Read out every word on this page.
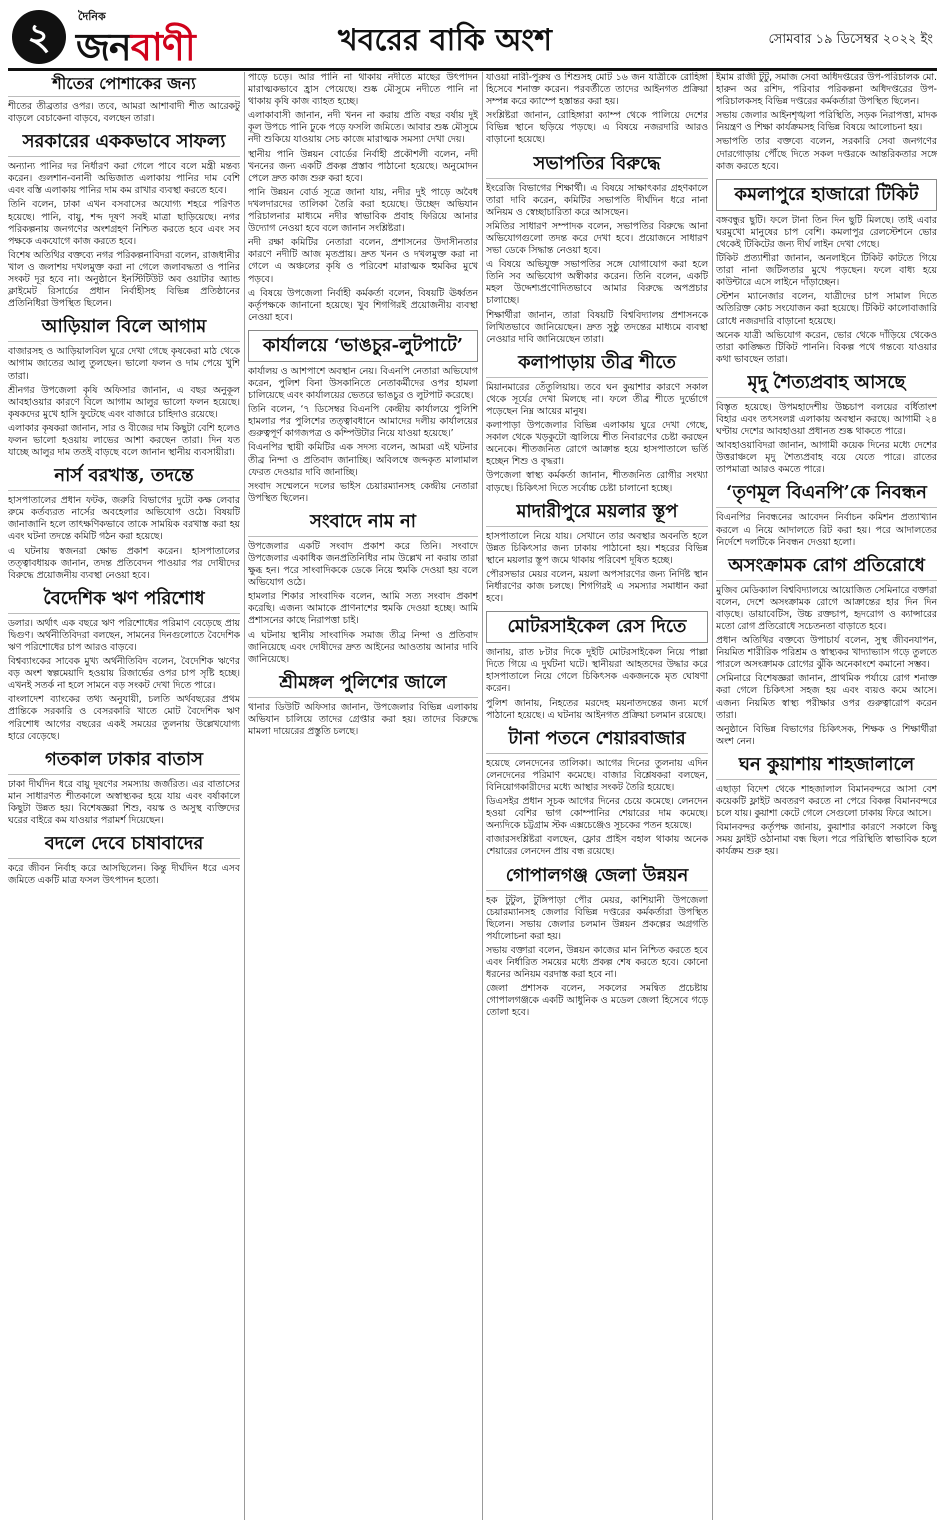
২	দৈনিক
জনবাণী	খবরের বাকি অংশ	সোমবার ১৯ ডিসেম্বর ২০২২ ইং
শীতের পোশাকের জন্য

শীতের তীব্রতার ওপর। তবে, আমরা আশাবাদী শীত আরেকটু বাড়লে বেচাকেনা বাড়বে, বলছেন তারা।

সরকারের এককভাবে সাফল্য

অন্যান্য পানির দর নির্ধারণ করা গেলে পাবে বলে মন্ত্রী মন্তব্য করেন। গুলশান-বনানী অভিজাত এলাকায় পানির দাম বেশি এবং বস্তি এলাকায় পানির দাম কম রাখার ব্যবস্থা করতে হবে।

তিনি বলেন, ঢাকা এখন বসবাসের অযোগ্য শহরে পরিণত হয়েছে। পানি, বায়ু, শব্দ দূষণ সবই মাত্রা ছাড়িয়েছে। নগর পরিকল্পনায় জনগণের অংশগ্রহণ নিশ্চিত করতে হবে এবং সব পক্ষকে একযোগে কাজ করতে হবে।

বিশেষ অতিথির বক্তব্যে নগর পরিকল্পনাবিদরা বলেন, রাজধানীর খাল ও জলাশয় দখলমুক্ত করা না গেলে জলাবদ্ধতা ও পানির সংকট দূর হবে না। অনুষ্ঠানে ইনস্টিটিউট অব ওয়াটার অ্যান্ড ক্লাইমেট রিসার্চের প্রধান নির্বাহীসহ বিভিন্ন প্রতিষ্ঠানের প্রতিনিধিরা উপস্থিত ছিলেন।

আড়িয়াল বিলে আগাম

বাজারসহ ও আড়িয়ালবিল ঘুরে দেখা গেছে কৃষকেরা মাঠ থেকে আগাম জাতের আলু তুলছেন। ভালো ফলন ও দাম পেয়ে খুশি তারা।

শ্রীনগর উপজেলা কৃষি অফিসার জানান, এ বছর অনুকূল আবহাওয়ার কারণে বিলে আগাম আলুর ভালো ফলন হয়েছে। কৃষকদের মুখে হাসি ফুটেছে এবং বাজারে চাহিদাও রয়েছে।

এলাকার কৃষকরা জানান, সার ও বীজের দাম কিছুটা বেশি হলেও ফলন ভালো হওয়ায় লাভের আশা করছেন তারা। দিন যত যাচ্ছে আলুর দাম ততই বাড়ছে বলে জানান স্থানীয় ব্যবসায়ীরা।

নার্স বরখাস্ত, তদন্তে

হাসপাতালের প্রধান ফটক, জরুরি বিভাগের দুটো কক্ষ লেবার রুমে কর্তব্যরত নার্সের অবহেলার অভিযোগ ওঠে। বিষয়টি জানাজানি হলে তাৎক্ষণিকভাবে তাকে সাময়িক বরখাস্ত করা হয় এবং ঘটনা তদন্তে কমিটি গঠন করা হয়েছে।

এ ঘটনায় স্বজনরা ক্ষোভ প্রকাশ করেন। হাসপাতালের তত্ত্বাবধায়ক জানান, তদন্ত প্রতিবেদন পাওয়ার পর দোষীদের বিরুদ্ধে প্রয়োজনীয় ব্যবস্থা নেওয়া হবে।

বৈদেশিক ঋণ পরিশোধ

ডলার। অর্থাৎ এক বছরে ঋণ পরিশোধের পরিমাণ বেড়েছে প্রায় দ্বিগুণ। অর্থনীতিবিদরা বলছেন, সামনের দিনগুলোতে বৈদেশিক ঋণ পরিশোধের চাপ আরও বাড়বে।

বিশ্বব্যাংকের সাবেক মুখ্য অর্থনীতিবিদ বলেন, বৈদেশিক ঋণের বড় অংশ স্বল্পমেয়াদি হওয়ায় রিজার্ভের ওপর চাপ সৃষ্টি হচ্ছে। এখনই সতর্ক না হলে সামনে বড় সংকট দেখা দিতে পারে।

বাংলাদেশ ব্যাংকের তথ্য অনুযায়ী, চলতি অর্থবছরের প্রথম প্রান্তিকে সরকারি ও বেসরকারি খাতে মোট বৈদেশিক ঋণ পরিশোধ আগের বছরের একই সময়ের তুলনায় উল্লেখযোগ্য হারে বেড়েছে।

গতকাল ঢাকার বাতাস

ঢাকা দীর্ঘদিন ধরে বায়ু দূষণের সমস্যায় জর্জরিত। এর বাতাসের মান সাধারণত শীতকালে অস্বাস্থ্যকর হয়ে যায় এবং বর্ষাকালে কিছুটা উন্নত হয়। বিশেষজ্ঞরা শিশু, বয়স্ক ও অসুস্থ ব্যক্তিদের ঘরের বাইরে কম যাওয়ার পরামর্শ দিয়েছেন।

বদলে দেবে চাষাবাদের

করে জীবন নির্বাহ করে আসছিলেন। কিন্তু দীর্ঘদিন ধরে এসব জমিতে একটি মাত্র ফসল উৎপাদন হতো।

পাড়ে চড়ে। আর পানি না থাকায় নদীতে মাছের উৎপাদন মারাত্মকভাবে হ্রাস পেয়েছে। শুষ্ক মৌসুমে নদীতে পানি না থাকায় কৃষি কাজ ব্যাহত হচ্ছে।

এলাকাবাসী জানান, নদী খনন না করায় প্রতি বছর বর্ষায় দুই কূল উপচে পানি ঢুকে পড়ে ফসলি জমিতে। আবার শুষ্ক মৌসুমে নদী শুকিয়ে যাওয়ায় সেচ কাজে মারাত্মক সমস্যা দেখা দেয়।

স্থানীয় পানি উন্নয়ন বোর্ডের নির্বাহী প্রকৌশলী বলেন, নদী খননের জন্য একটি প্রকল্প প্রস্তাব পাঠানো হয়েছে। অনুমোদন পেলে দ্রুত কাজ শুরু করা হবে।

পানি উন্নয়ন বোর্ড সূত্রে জানা যায়, নদীর দুই পাড়ে অবৈধ দখলদারদের তালিকা তৈরি করা হয়েছে। উচ্ছেদ অভিযান পরিচালনার মাধ্যমে নদীর স্বাভাবিক প্রবাহ ফিরিয়ে আনার উদ্যোগ নেওয়া হবে বলে জানান সংশ্লিষ্টরা।

নদী রক্ষা কমিটির নেতারা বলেন, প্রশাসনের উদাসীনতার কারণে নদীটি আজ মৃতপ্রায়। দ্রুত খনন ও দখলমুক্ত করা না গেলে এ অঞ্চলের কৃষি ও পরিবেশ মারাত্মক হুমকির মুখে পড়বে।

এ বিষয়ে উপজেলা নির্বাহী কর্মকর্তা বলেন, বিষয়টি ঊর্ধ্বতন কর্তৃপক্ষকে জানানো হয়েছে। খুব শিগগিরই প্রয়োজনীয় ব্যবস্থা নেওয়া হবে।

কার্যালয়ে ‘ভাঙচুর-লুটপাটে’

কার্যালয় ও আশপাশে অবস্থান নেয়। বিএনপি নেতারা অভিযোগ করেন, পুলিশ বিনা উসকানিতে নেতাকর্মীদের ওপর হামলা চালিয়েছে এবং কার্যালয়ের ভেতরে ভাঙচুর ও লুটপাট করেছে।

তিনি বলেন, ‘৭ ডিসেম্বর বিএনপি কেন্দ্রীয় কার্যালয়ে পুলিশি হামলার পর পুলিশের তত্ত্বাবধানে আমাদের দলীয় কার্যালয়ের গুরুত্বপূর্ণ কাগজপত্র ও কম্পিউটার নিয়ে যাওয়া হয়েছে।’

বিএনপির স্থায়ী কমিটির এক সদস্য বলেন, আমরা এই ঘটনার তীব্র নিন্দা ও প্রতিবাদ জানাচ্ছি। অবিলম্বে জব্দকৃত মালামাল ফেরত দেওয়ার দাবি জানাচ্ছি।

সংবাদ সম্মেলনে দলের ভাইস চেয়ারম্যানসহ কেন্দ্রীয় নেতারা উপস্থিত ছিলেন।

সংবাদে নাম না

উপজেলার একটি সংবাদ প্রকাশ করে তিনি। সংবাদে উপজেলার একাধিক জনপ্রতিনিধির নাম উল্লেখ না করায় তারা ক্ষুব্ধ হন। পরে সাংবাদিককে ডেকে নিয়ে হুমকি দেওয়া হয় বলে অভিযোগ ওঠে।

হামলার শিকার সাংবাদিক বলেন, আমি সত্য সংবাদ প্রকাশ করেছি। এজন্য আমাকে প্রাণনাশের হুমকি দেওয়া হচ্ছে। আমি প্রশাসনের কাছে নিরাপত্তা চাই।

এ ঘটনায় স্থানীয় সাংবাদিক সমাজ তীব্র নিন্দা ও প্রতিবাদ জানিয়েছে এবং দোষীদের দ্রুত আইনের আওতায় আনার দাবি জানিয়েছে।

শ্রীমঙ্গল পুলিশের জালে

থানার ডিউটি অফিসার জানান, উপজেলার বিভিন্ন এলাকায় অভিযান চালিয়ে তাদের গ্রেপ্তার করা হয়। তাদের বিরুদ্ধে মামলা দায়েরের প্রস্তুতি চলছে।

যাওয়া নারী-পুরুষ ও শিশুসহ মোট ১৬ জন যাত্রীকে রোহিঙ্গা হিসেবে শনাক্ত করেন। পরবর্তীতে তাদের আইনগত প্রক্রিয়া সম্পন্ন করে ক্যাম্পে হস্তান্তর করা হয়।

সংশ্লিষ্টরা জানান, রোহিঙ্গারা ক্যাম্প থেকে পালিয়ে দেশের বিভিন্ন স্থানে ছড়িয়ে পড়ছে। এ বিষয়ে নজরদারি আরও বাড়ানো হয়েছে।

সভাপতির বিরুদ্ধে

ইংরেজি বিভাগের শিক্ষার্থী। এ বিষয়ে সাক্ষাৎকার গ্রহণকালে তারা দাবি করেন, কমিটির সভাপতি দীর্ঘদিন ধরে নানা অনিয়ম ও স্বেচ্ছাচারিতা করে আসছেন।

সমিতির সাধারণ সম্পাদক বলেন, সভাপতির বিরুদ্ধে আনা অভিযোগগুলো তদন্ত করে দেখা হবে। প্রয়োজনে সাধারণ সভা ডেকে সিদ্ধান্ত নেওয়া হবে।

এ বিষয়ে অভিযুক্ত সভাপতির সঙ্গে যোগাযোগ করা হলে তিনি সব অভিযোগ অস্বীকার করেন। তিনি বলেন, একটি মহল উদ্দেশ্যপ্রণোদিতভাবে আমার বিরুদ্ধে অপপ্রচার চালাচ্ছে।

শিক্ষার্থীরা জানান, তারা বিষয়টি বিশ্ববিদ্যালয় প্রশাসনকে লিখিতভাবে জানিয়েছেন। দ্রুত সুষ্ঠু তদন্তের মাধ্যমে ব্যবস্থা নেওয়ার দাবি জানিয়েছেন তারা।

কলাপাড়ায় তীব্র শীতে

মিয়ানমারের তেঁতুলিয়ায়। তবে ঘন কুয়াশার কারণে সকাল থেকে সূর্যের দেখা মিলছে না। ফলে তীব্র শীতে দুর্ভোগে পড়েছেন নিম্ন আয়ের মানুষ।

কলাপাড়া উপজেলার বিভিন্ন এলাকায় ঘুরে দেখা গেছে, সকাল থেকে খড়কুটো জ্বালিয়ে শীত নিবারণের চেষ্টা করছেন অনেকে। শীতজনিত রোগে আক্রান্ত হয়ে হাসপাতালে ভর্তি হচ্ছেন শিশু ও বৃদ্ধরা।

উপজেলা স্বাস্থ্য কর্মকর্তা জানান, শীতজনিত রোগীর সংখ্যা বাড়ছে। চিকিৎসা দিতে সর্বোচ্চ চেষ্টা চালানো হচ্ছে।

মাদারীপুরে ময়লার স্তূপ

হাসপাতালে নিয়ে যায়। সেখানে তার অবস্থার অবনতি হলে উন্নত চিকিৎসার জন্য ঢাকায় পাঠানো হয়। শহরের বিভিন্ন স্থানে ময়লার স্তূপ জমে থাকায় পরিবেশ দূষিত হচ্ছে।

পৌরসভার মেয়র বলেন, ময়লা অপসারণের জন্য নির্দিষ্ট স্থান নির্ধারণের কাজ চলছে। শিগগিরই এ সমস্যার সমাধান করা হবে।

মোটরসাইকেল রেস দিতে

জানায়, রাত ৮টার দিকে দুইটি মোটরসাইকেল নিয়ে পাল্লা দিতে গিয়ে এ দুর্ঘটনা ঘটে। স্থানীয়রা আহতদের উদ্ধার করে হাসপাতালে নিয়ে গেলে চিকিৎসক একজনকে মৃত ঘোষণা করেন।

পুলিশ জানায়, নিহতের মরদেহ ময়নাতদন্তের জন্য মর্গে পাঠানো হয়েছে। এ ঘটনায় আইনগত প্রক্রিয়া চলমান রয়েছে।

টানা পতনে শেয়ারবাজার

হয়েছে লেনদেনের তালিকা। আগের দিনের তুলনায় এদিন লেনদেনের পরিমাণ কমেছে। বাজার বিশ্লেষকরা বলছেন, বিনিয়োগকারীদের মধ্যে আস্থার সংকট তৈরি হয়েছে।

ডিএসইর প্রধান সূচক আগের দিনের চেয়ে কমেছে। লেনদেন হওয়া বেশির ভাগ কোম্পানির শেয়ারের দাম কমেছে। অন্যদিকে চট্টগ্রাম স্টক এক্সচেঞ্জেও সূচকের পতন হয়েছে।

বাজারসংশ্লিষ্টরা বলছেন, ফ্লোর প্রাইস বহাল থাকায় অনেক শেয়ারের লেনদেন প্রায় বন্ধ রয়েছে।

গোপালগঞ্জ জেলা উন্নয়ন

হক টুটুল, টুঙ্গিপাড়া পৌর মেয়র, কাশিয়ানী উপজেলা চেয়ারম্যানসহ জেলার বিভিন্ন দপ্তরের কর্মকর্তারা উপস্থিত ছিলেন। সভায় জেলার চলমান উন্নয়ন প্রকল্পের অগ্রগতি পর্যালোচনা করা হয়।

সভায় বক্তারা বলেন, উন্নয়ন কাজের মান নিশ্চিত করতে হবে এবং নির্ধারিত সময়ের মধ্যে প্রকল্প শেষ করতে হবে। কোনো ধরনের অনিয়ম বরদাস্ত করা হবে না।

জেলা প্রশাসক বলেন, সকলের সমন্বিত প্রচেষ্টায় গোপালগঞ্জকে একটি আধুনিক ও মডেল জেলা হিসেবে গড়ে তোলা হবে।

ইমাম রাজী টুটু, সমাজ সেবা অধিদপ্তরের উপ-পরিচালক মো. হারুন অর রশিদ, পরিবার পরিকল্পনা অধিদপ্তরের উপ-পরিচালকসহ বিভিন্ন দপ্তরের কর্মকর্তারা উপস্থিত ছিলেন।

সভায় জেলার আইনশৃঙ্খলা পরিস্থিতি, সড়ক নিরাপত্তা, মাদক নিয়ন্ত্রণ ও শিক্ষা কার্যক্রমসহ বিভিন্ন বিষয়ে আলোচনা হয়।

সভাপতি তার বক্তব্যে বলেন, সরকারি সেবা জনগণের দোরগোড়ায় পৌঁছে দিতে সকল দপ্তরকে আন্তরিকতার সঙ্গে কাজ করতে হবে।

কমলাপুরে হাজারো টিকিট

বঙ্গবন্ধুর ছুটি। ফলে টানা তিন দিন ছুটি মিলছে। তাই এবার ঘরমুখো মানুষের চাপ বেশি। কমলাপুর রেলস্টেশনে ভোর থেকেই টিকিটের জন্য দীর্ঘ লাইন দেখা গেছে।

টিকিট প্রত্যাশীরা জানান, অনলাইনে টিকিট কাটতে গিয়ে তারা নানা জটিলতার মুখে পড়ছেন। ফলে বাধ্য হয়ে কাউন্টারে এসে লাইনে দাঁড়াচ্ছেন।

স্টেশন ম্যানেজার বলেন, যাত্রীদের চাপ সামাল দিতে অতিরিক্ত কোচ সংযোজন করা হয়েছে। টিকিট কালোবাজারি রোধে নজরদারি বাড়ানো হয়েছে।

অনেক যাত্রী অভিযোগ করেন, ভোর থেকে দাঁড়িয়ে থেকেও তারা কাঙ্ক্ষিত টিকিট পাননি। বিকল্প পথে গন্তব্যে যাওয়ার কথা ভাবছেন তারা।

মৃদু শৈত্যপ্রবাহ আসছে

বিস্তৃত হয়েছে। উপমহাদেশীয় উচ্চচাপ বলয়ের বর্ধিতাংশ বিহার এবং তৎসংলগ্ন এলাকায় অবস্থান করছে। আগামী ২৪ ঘণ্টায় দেশের আবহাওয়া প্রধানত শুষ্ক থাকতে পারে।

আবহাওয়াবিদরা জানান, আগামী কয়েক দিনের মধ্যে দেশের উত্তরাঞ্চলে মৃদু শৈত্যপ্রবাহ বয়ে যেতে পারে। রাতের তাপমাত্রা আরও কমতে পারে।

‘তৃণমূল বিএনপি’কে নিবন্ধন

বিএনপির নিবন্ধনের আবেদন নির্বাচন কমিশন প্রত্যাখ্যান করলে এ নিয়ে আদালতে রিট করা হয়। পরে আদালতের নির্দেশে দলটিকে নিবন্ধন দেওয়া হলো।

অসংক্রামক রোগ প্রতিরোধে

মুজিব মেডিক্যাল বিশ্ববিদ্যালয়ে আয়োজিত সেমিনারে বক্তারা বলেন, দেশে অসংক্রামক রোগে আক্রান্তের হার দিন দিন বাড়ছে। ডায়াবেটিস, উচ্চ রক্তচাপ, হৃদরোগ ও ক্যান্সারের মতো রোগ প্রতিরোধে সচেতনতা বাড়াতে হবে।

প্রধান অতিথির বক্তব্যে উপাচার্য বলেন, সুস্থ জীবনযাপন, নিয়মিত শারীরিক পরিশ্রম ও স্বাস্থ্যকর খাদ্যাভ্যাস গড়ে তুলতে পারলে অসংক্রামক রোগের ঝুঁকি অনেকাংশে কমানো সম্ভব।

সেমিনারে বিশেষজ্ঞরা জানান, প্রাথমিক পর্যায়ে রোগ শনাক্ত করা গেলে চিকিৎসা সহজ হয় এবং ব্যয়ও কমে আসে। এজন্য নিয়মিত স্বাস্থ্য পরীক্ষার ওপর গুরুত্বারোপ করেন তারা।

অনুষ্ঠানে বিভিন্ন বিভাগের চিকিৎসক, শিক্ষক ও শিক্ষার্থীরা অংশ নেন।

ঘন কুয়াশায় শাহজালালে

এছাড়া বিদেশ থেকে শাহজালাল বিমানবন্দরে আসা বেশ কয়েকটি ফ্লাইট অবতরণ করতে না পেরে বিকল্প বিমানবন্দরে চলে যায়। কুয়াশা কেটে গেলে সেগুলো ঢাকায় ফিরে আসে।

বিমানবন্দর কর্তৃপক্ষ জানায়, কুয়াশার কারণে সকালে কিছু সময় ফ্লাইট ওঠানামা বন্ধ ছিল। পরে পরিস্থিতি স্বাভাবিক হলে কার্যক্রম শুরু হয়।
